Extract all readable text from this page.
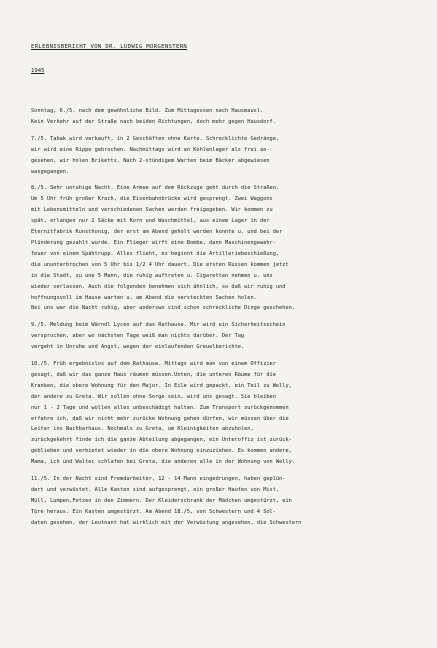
ERLEBNISBERICHT VON DR. LUDWIG MORGENSTERN
1945
Sonntag, 6./5. nach dem gewöhnliche Bild. Zum Mittagessen nach Hausmausl.
Kein Verkehr auf der Straße nach beiden Richtungen, doch mehr gegen Hausdorf.
7./5. Tabak wird verkauft, in 2 Geschäften ohne Karte. Schrecklichte Gedränge,
wir wird eine Rippe gebrochen. Nachmittags wird an Kohlenlager als frei an-
gesehen, wir holen Briketts. Nach 2-stündigem Warten beim Bäcker abgewiesen
wasgegangen.
8./5. Sehr unruhige Nacht. Eine Armee auf dem Rückzuge geht durch die Straßen.
Um 5 Uhr früh großer Krach, die Eisenbahnbrücke wird gesprengt. Zwei Waggons
mit Lebensmitteln und verschiedenen Sachen werden freigegeben. Wir kommen zu
spät, erlangen nur 2 Säcke mit Korn und Waschmittel, aus einem Lager in der
Eternitfabrik Kunsthonig, der erst am Abend geholt werden konnte u. und bei der
Plünderung gezahlt wurde. Ein Flieger wirft eine Bombe, dann Maschinengewehr-
feuer von einem Spähtrupp. Alles flieht, es beginnt die Artilleriebeschießung,
die ununterbrochen von 5 Uhr bis 1/2 4 Uhr dauert. Die ersten Russen kommen jetzt
in die Stadt, zu une 5 Mann, die ruhig auftreten u. Cigaretten nehmen u. uns
wieder verlassen. Auch die folgenden benehmen sich ähnlich, so daß wir ruhig und
hoffnungsvoll im Hause warten u. am Abend die versteckten Sachen holen.
Bei uns war die Nacht ruhig, aber anderswo sind schon schreckliche Dinge geschehen.
9./5. Meldung beim Wärndl Lyceo auf das Rathause. Mir wird ein Sicherheitsschein
versprochen, aber wo nächsten Tage weiß man nichts darüber. Der Tag
vergeht in Unruhe und Angst, wegen der einlaufenden Greuelberichte.
10./5. Früh ergebnislos auf dem Rathause. Mittags wird man von einem Offizier
gesagt, daß wir das ganze Haus räumen müssen.Unten, die unteren Räume für die
Kranken, die obere Wohnung für den Major. In Eile wird gepackt, ein Teil zu Welly,
der andere zu Greta. Wir sollen ohne Sorge sein, wird uns gesagt. Sie bleiben
nur 1 - 2 Tage und wollen alles unbeschädigt halten. Zum Transport zurückgenommen
erfahre ich, daß wir nicht mehr zurücke Wohnung gehen dürfen, wir müssen über die
Leiter ins Nachbarhaus. Nochmals zu Greta, um Kleinigkeiten abzuholen,
zurückgekehrt finde ich die ganze Abteilung abgegangen, ein Unteroffiz ist zurück-
geblieben und verbietet wieder in die obere Wohnung einzuziehen. Es kommen andere,
Mama, ich und Waltec schlafen bei Greta, die anderen alle in der Wohnung von Welly.
11./5. In der Nacht sind Fremdarbeiter, 12 - 14 Mann eingedrungen, haben geplün-
dert und verwüstet. Alle Kasten sind aufgesprengt, ein großer Haufen von Mist,
Müll, Lumpen,Fetzen in den Zimmern. Der Kleiderschrank der Mädchen umgestürzt, ein
Türe heraus. Ein Kasten umgestürzt. Am Abend 18./5, von Schwestern und 4 Sol-
daten gesehen, der Leutnant hat wirklich mit der Verwüstung angesehen, die Schwestern
